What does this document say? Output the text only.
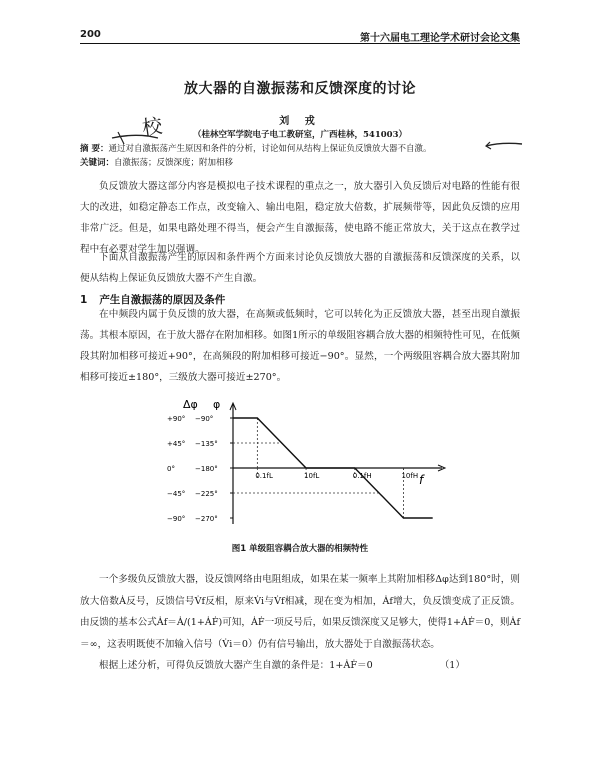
200	第十六届电工理论学术研讨会论文集
放大器的自激振荡和反馈深度的讨论
刘 戎
（桂林空军学院电子电工教研室，广西桂林，541003）
校
摘 要：通过对自激振荡产生原因和条件的分析，讨论如何从结构上保证负反馈放大器不自激。
关键词：自激振荡；反馈深度；附加相移
负反馈放大器这部分内容是模拟电子技术课程的重点之一，放大器引入负反馈后对电路的性能有很大的改进，如稳定静态工作点，改变输入、输出电阻，稳定放大倍数，扩展频带等，因此负反馈的应用非常广泛。但是，如果电路处理不得当，便会产生自激振荡，使电路不能正常放大，关于这点在教学过程中有必要对学生加以强调。
下面从自激振荡产生的原因和条件两个方面来讨论负反馈放大器的自激振荡和反馈深度的关系，以便从结构上保证负反馈放大器不产生自激。
1 产生自激振荡的原因及条件
在中频段内属于负反馈的放大器，在高频或低频时，它可以转化为正反馈放大器，甚至出现自激振荡。其根本原因，在于放大器存在附加相移。如图1所示的单级阻容耦合放大器的相频特性可见，在低频段其附加相移可接近+90°，在高频段的附加相移可接近−90°。显然，一个两级阻容耦合放大器其附加相移可接近±180°，三级放大器可接近±270°。
Δφ φ
f
+90° −90°
+45° −135°
0°	−180°
−45° −225°
−90° −270°
0.1fL	10fL	0.1fH	10fH
图1 单级阻容耦合放大器的相频特性
一个多级负反馈放大器，设反馈网络由电阻组成，如果在某一频率上其附加相移Δφ达到180°时，则放大倍数Ȧ反号，反馈信号V̇f反相，原来V̇i与V̇f相减，现在变为相加，Ȧf增大，负反馈变成了正反馈。由反馈的基本公式Ȧf＝Ȧ/(1+ȦḞ)可知，ȦḞ一项反号后，如果反馈深度又足够大，使得1+ȦḞ＝0，则Ȧf＝∞，这表明既使不加输入信号（V̇i＝0）仍有信号输出，放大器处于自激振荡状态。
根据上述分析，可得负反馈放大器产生自激的条件是：1+ȦḞ＝0	（1）
